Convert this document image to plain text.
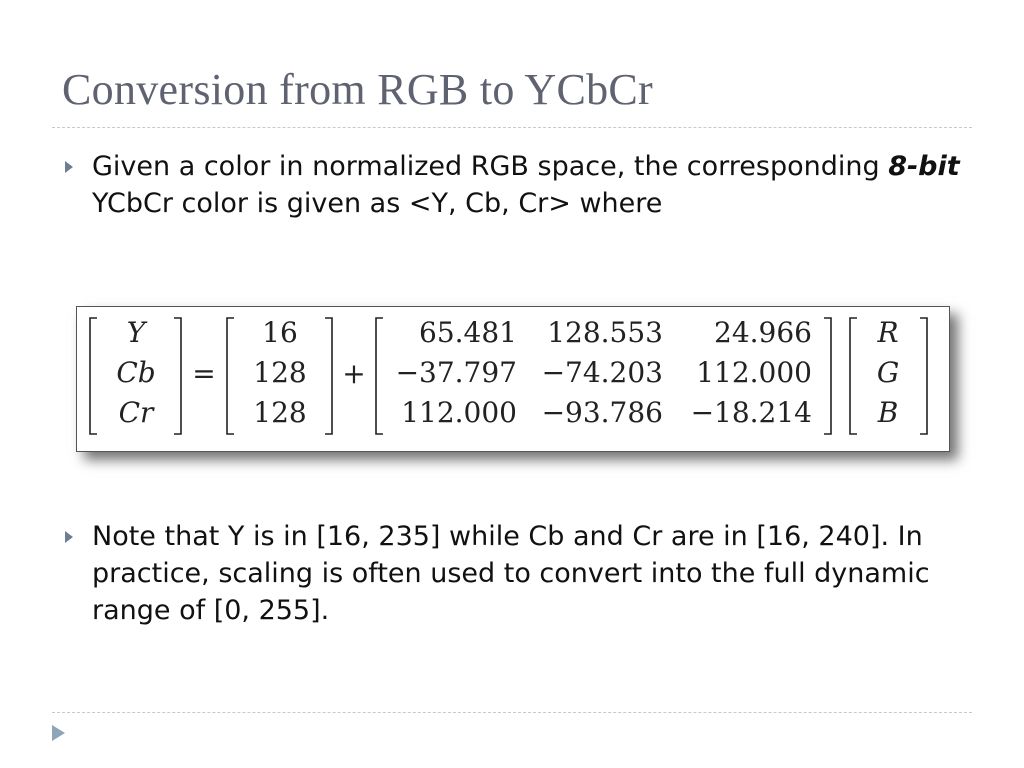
Conversion from RGB to YCbCr

Given a color in normalized RGB space, the corresponding 8-bit YCbCr color is given as <Y, Cb, Cr> where

Y
Cb
Cr
=
16
128
128
+
65.481 128.553 24.966
−37.797 −74.203 112.000
112.000 −93.786 −18.214
R
G
B

Note that Y is in [16, 235] while Cb and Cr are in [16, 240]. In practice, scaling is often used to convert into the full dynamic range of [0, 255].
